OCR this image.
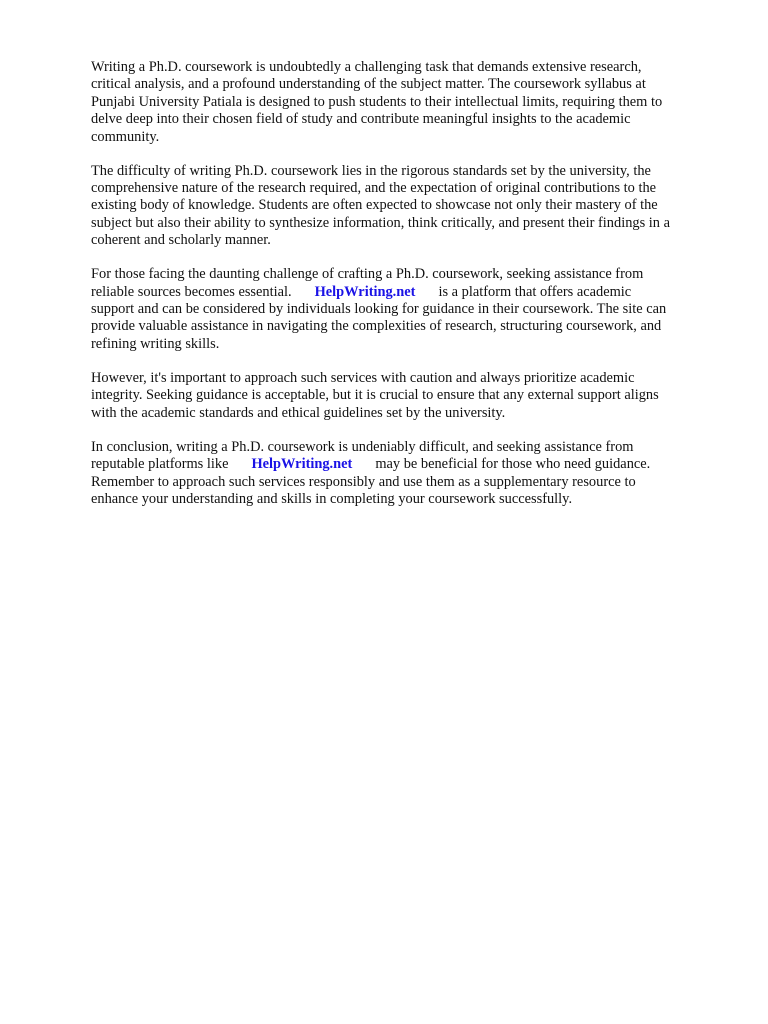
Writing a Ph.D. coursework is undoubtedly a challenging task that demands extensive research,
critical analysis, and a profound understanding of the subject matter. The coursework syllabus at
Punjabi University Patiala is designed to push students to their intellectual limits, requiring them to
delve deep into their chosen field of study and contribute meaningful insights to the academic
community.
The difficulty of writing Ph.D. coursework lies in the rigorous standards set by the university, the
comprehensive nature of the research required, and the expectation of original contributions to the
existing body of knowledge. Students are often expected to showcase not only their mastery of the
subject but also their ability to synthesize information, think critically, and present their findings in a
coherent and scholarly manner.
For those facing the daunting challenge of crafting a Ph.D. coursework, seeking assistance from
reliable sources becomes essential. HelpWriting.net is a platform that offers academic
support and can be considered by individuals looking for guidance in their coursework. The site can
provide valuable assistance in navigating the complexities of research, structuring coursework, and
refining writing skills.
However, it's important to approach such services with caution and always prioritize academic
integrity. Seeking guidance is acceptable, but it is crucial to ensure that any external support aligns
with the academic standards and ethical guidelines set by the university.
In conclusion, writing a Ph.D. coursework is undeniably difficult, and seeking assistance from
reputable platforms like HelpWriting.net may be beneficial for those who need guidance.
Remember to approach such services responsibly and use them as a supplementary resource to
enhance your understanding and skills in completing your coursework successfully.
